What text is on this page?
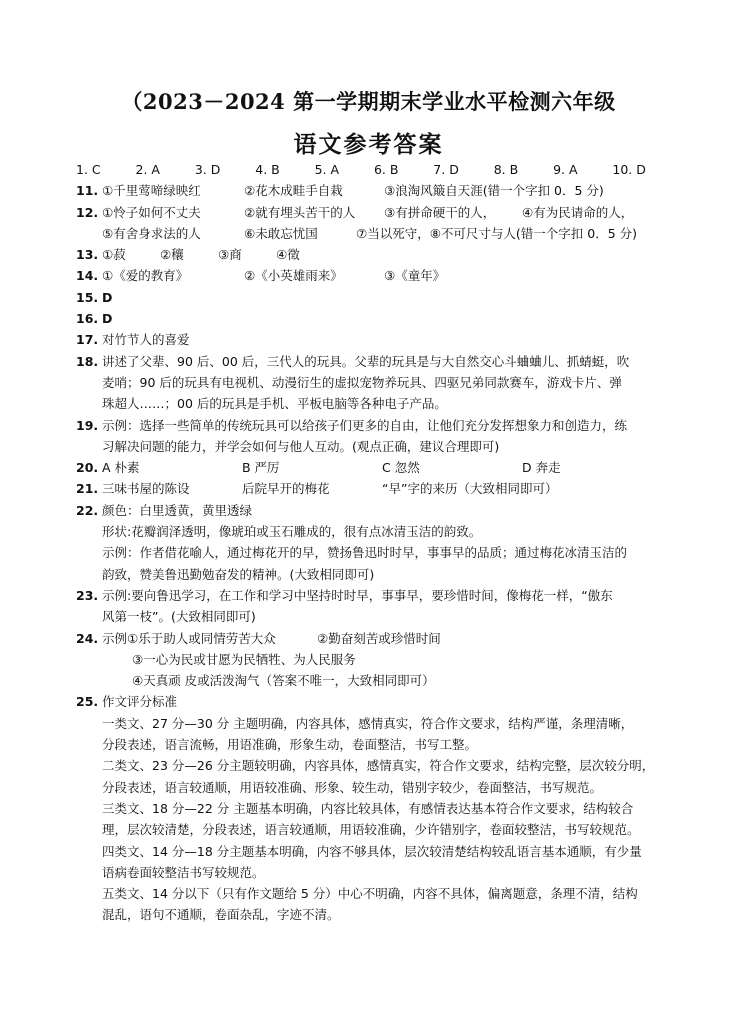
（2023－2024 第一学期期末学业水平检测六年级
语文参考答案
1. C	2. A	3. D	4. B	5. A	6. B	7. D	8. B	9. A	10. D
11. ①千里莺啼绿映红	②花木成畦手自栽	③浪淘风簸自天涯(错一个字扣 0．5 分)
12. ①怜子如何不丈夫	②就有埋头苦干的人	③有拼命硬干的人，	④有为民请命的人，
⑤有舍身求法的人	⑥未敢忘忧国	⑦当以死守，⑧不可尺寸与人(错一个字扣 0．5 分)
13. ①菽	②穰	③商	④徵
14. ①《爱的教育》	②《小英雄雨来》	③《童年》
15. D
16. D
17. 对竹节人的喜爱
18. 讲述了父辈、90 后、00 后，三代人的玩具。父辈的玩具是与大自然交心斗蛐蛐儿、抓蜻蜓，吹
麦哨；90 后的玩具有电视机、动漫衍生的虚拟宠物养玩具、四驱兄弟同款赛车，游戏卡片、弹
珠超人……；00 后的玩具是手机、平板电脑等各种电子产品。
19. 示例：选择一些简单的传统玩具可以给孩子们更多的自由，让他们充分发挥想象力和创造力，练
习解决问题的能力，并学会如何与他人互动。(观点正确，建议合理即可)
20. A 朴素	B 严厉	C 忽然	D 奔走
21. 三味书屋的陈设	后院早开的梅花	“早”字的来历（大致相同即可）
22. 颜色：白里透黄，黄里透绿
形状:花瓣润泽透明，像琥珀或玉石雕成的，很有点冰清玉洁的韵致。
示例：作者借花喻人，通过梅花开的早，赞扬鲁迅时时早，事事早的品质；通过梅花冰清玉洁的
韵致，赞美鲁迅勤勉奋发的精神。(大致相同即可)
23. 示例:要向鲁迅学习，在工作和学习中坚持时时早，事事早，要珍惜时间，像梅花一样，“傲东
风第一枝”。(大致相同即可)
24. 示例 ①乐于助人或同情劳苦大众	②勤奋刻苦或珍惜时间
③一心为民或甘愿为民牺牲、为人民服务
④天真顽 皮或活泼淘气（答案不唯一，大致相同即可）
25. 作文评分标准
一类文、27 分—30 分 主题明确，内容具体，感情真实，符合作文要求，结构严谨，条理清晰，
分段表述，语言流畅，用语准确，形象生动，卷面整洁，书写工整。
二类文、23 分—26 分主题较明确，内容具体，感情真实，符合作文要求，结构完整，层次较分明，
分段表述，语言较通顺，用语较准确、形象、较生动，错别字较少，卷面整洁，书写规范。
三类文、18 分—22 分 主题基本明确，内容比较具体，有感情表达基本符合作文要求，结构较合
理，层次较清楚，分段表述，语言较通顺，用语较准确，少许错别字，卷面较整洁，书写较规范。
四类文、14 分—18 分主题基本明确，内容不够具体，层次较清楚结构较乱语言基本通顺，有少量
语病卷面较整洁书写较规范。
五类文、14 分以下（只有作文题给 5 分）中心不明确，内容不具体，偏离题意，条理不清，结构
混乱，语句不通顺，卷面杂乱，字迹不清。
